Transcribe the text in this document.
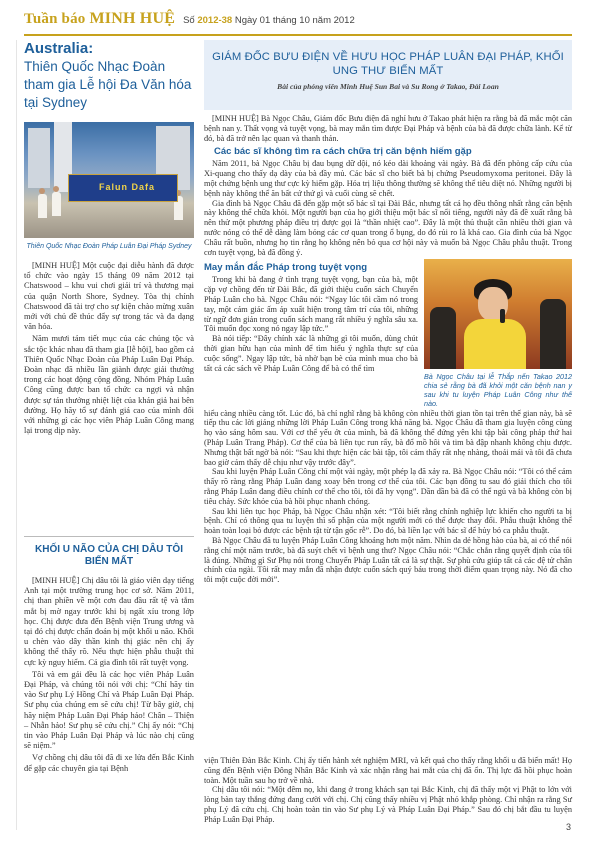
Tuần báo MINH HUỆ Số 2012-38 Ngày 01 tháng 10 năm 2012
Australia:
Thiên Quốc Nhạc Đoàn tham gia Lễ hội Đa Văn hóa tại Sydney
Falun Dafa
Thiên Quốc Nhạc Đoàn Pháp Luân Đại Pháp Sydney

[MINH HUỆ] Một cuộc đại diễu hành đã được tổ chức vào ngày 15 tháng 09 năm 2012 tại Chatswood – khu vui chơi giải trí và thương mại của quận North Shore, Sydney. Tòa thị chính Chatswood đã tài trợ cho sự kiện chào mừng xuân mới với chủ đề thúc đẩy sự trong tác và đa dạng văn hóa.

Năm mươi tám tiết mục của các chủng tộc và sắc tộc khác nhau đã tham gia [lễ hội], bao gồm cả Thiên Quốc Nhạc Đoàn của Pháp Luân Đại Pháp. Đoàn nhạc đã nhiều lần giành được giải thưởng trong các hoạt động cộng đồng. Nhóm Pháp Luân Công cũng được ban tổ chức ca ngợi và nhận được sự tán thưởng nhiệt liệt của khán giả hai bên đường. Họ hãy tổ sự đánh giá cao của mình đối với những gì các học viên Pháp Luân Công mang lại trong dịp này.

KHỐI U NÃO CỦA CHỊ DÂU TÔI BIẾN MẤT

[MINH HUỆ] Chị dâu tôi là giáo viên dạy tiếng Anh tại một trường trung học cơ sở. Năm 2011, chị than phiền về một cơn đau đầu rất tệ và tắm mắt bị mờ ngay trước khi bị ngất xỉu trong lớp học. Chị được đưa đến Bệnh viện Trung ương và tại đó chị được chẩn đoán bị một khối u não. Khối u chèn vào dây thần kinh thị giác nên chị ấy không thể thấy rõ. Nếu thực hiện phẫu thuật thì cực kỳ nguy hiểm. Cả gia đình tôi rất tuyệt vọng.

Tôi và em gái đều là các học viên Pháp Luân Đại Pháp, và chúng tôi nói với chị: “Chỉ hãy tin vào Sư phụ Lý Hồng Chí và Pháp Luân Đại Pháp. Sư phụ của chúng em sẽ cứu chị! Từ bây giờ, chị hãy niệm Pháp Luân Đại Pháp hảo! Chân – Thiện – Nhẫn hảo! Sư phụ sẽ cứu chị.” Chị ấy nói: “Chị tin vào Pháp Luân Đại Pháp và lúc nào chị cũng sẽ niệm.”

Vợ chồng chị dâu tôi đã đi xe lửa đến Bắc Kinh để gặp các chuyên gia tại Bệnh

GIÁM ĐỐC BƯU ĐIỆN VỀ HƯU HỌC PHÁP LUÂN ĐẠI PHÁP, KHỐI UNG THƯ BIẾN MẤT
Bài của phóng viên Minh Huệ Sun Bai và Su Rong ở Takao, Đài Loan

[MINH HUỆ] Bà Ngọc Châu, Giám đốc Bưu điện đã nghỉ hưu ở Takao phát hiện ra rằng bà đã mắc một căn bệnh nan y. Thất vọng và tuyệt vọng, bà may mắn tìm được Đại Pháp và bệnh của bà đã được chữa lành. Kể từ đó, bà đã trở nên lạc quan và thanh thản.

Các bác sĩ không tìm ra cách chữa trị căn bệnh hiếm gặp

Năm 2011, bà Ngọc Châu bị đau bụng dữ dội, nó kéo dài khoảng vài ngày. Bà đã đến phòng cấp cứu của Xi-quang cho thấy dạ dày của bà đầy mủ. Các bác sĩ cho biết bà bị chứng Pseudomyxoma peritonei. Đây là một chứng bệnh ung thư cực kỳ hiếm gặp. Hóa trị liệu thông thường sẽ không thể tiêu diệt nó. Những người bị bệnh này không thể ăn bất cứ thứ gì và cuối cùng sẽ chết.

Gia đình bà Ngọc Châu đã đến gặp một số bác sĩ tại Đài Bắc, nhưng tất cả họ đều thông nhất rằng căn bệnh này không thể chữa khỏi. Một người bạn của họ giới thiệu một bác sĩ nổi tiếng, người này đã đề xuất rằng bà nên thử một phương pháp điều trị được gọi là “thần nhiệt cao”. Đây là một thủ thuật cần nhiều thời gian và nước nóng có thể dễ dàng làm bỏng các cơ quan trong ổ bụng, do đó rủi ro là khá cao. Gia đình của bà Ngọc Châu rất buồn, nhưng họ tin rằng họ không nên bỏ qua cơ hội này và muốn bà Ngọc Châu phẫu thuật. Trong cơn tuyệt vọng, bà đã đồng ý.

May mắn đắc Pháp trong tuyệt vọng

Trong khi bà đang ở tình trạng tuyệt vọng, bạn của bà, một cặp vợ chồng đến từ Đài Bắc, đã giới thiệu cuốn sách Chuyển Pháp Luân cho bà. Ngọc Châu nói: “Ngay lúc tôi cầm nó trong tay, một cảm giác ấm áp xuất hiện trong tâm trí của tôi, những từ ngữ đơn giản trong cuốn sách mang rất nhiều ý nghĩa sâu xa. Tôi muốn đọc xong nó ngay lập tức.”

Bà nói tiếp: “Đây chính xác là những gì tôi muốn, dùng chút thời gian hữu hạn của mình để tìm hiểu ý nghĩa thực sự của cuộc sống”. Ngay lập tức, bà nhờ bạn bè của mình mua cho bà tất cả các sách về Pháp Luân Công để bà có thể tìm

Bà Ngọc Châu tại lễ Thắp nến Takao 2012 chia sẻ rằng bà đã khỏi một căn bệnh nan y sau khi tu luyện Pháp Luân Công như thế nào.

hiểu càng nhiều càng tốt. Lúc đó, bà chỉ nghĩ rằng bà không còn nhiều thời gian tồn tại trên thế gian này, bà sẽ tiếp thu các lời giảng những lời Pháp Luân Công trong khả năng bà. Ngọc Châu đã tham gia luyện công cùng họ vào sáng hôm sau. Với cơ thể yếu ớt của mình, bà đã không thể đứng yên khi tập bài công pháp thứ hai (Pháp Luân Trang Pháp). Cơ thể của bà liên tục run rẩy, bà đổ mồ hôi và tim bà đập nhanh không chịu được. Nhưng thật bất ngờ bà nói: “Sau khi thực hiện các bài tập, tôi cảm thấy rất nhẹ nhàng, thoải mái và tôi đã chưa bao giờ cảm thấy dễ chịu như vậy trước đây”.

Sau khi luyện Pháp Luân Công chỉ một vài ngày, một phép lạ đã xảy ra. Bà Ngọc Châu nói: “Tôi có thể cảm thấy rõ ràng rằng Pháp Luân đang xoay bên trong cơ thể của tôi. Các bạn đồng tu sau đó giải thích cho tôi rằng Pháp Luân đang điều chỉnh cơ thể cho tôi, tôi đã hy vọng”. Dần dần bà đã có thể ngủ và bà không còn bị tiêu chảy. Sức khỏe của bà hồi phục nhanh chóng.

Sau khi liên tục học Pháp, bà Ngọc Châu nhận xét: “Tôi biết rằng chính nghiệp lực khiến cho người ta bị bệnh. Chỉ có thông qua tu luyện thì số phận của một người mới có thể được thay đổi. Phẫu thuật không thể hoàn toàn loại bỏ được các bệnh tật từ tận gốc rễ”. Do đó, bà liền lạc với bác sĩ để hủy bỏ ca phẫu thuật.

Bà Ngọc Châu đã tu luyện Pháp Luân Công khoảng hơn một năm. Nhìn da dẻ hồng hào của bà, ai có thể nói rằng chỉ một năm trước, bà đã suýt chết vì bệnh ung thư? Ngọc Châu nói: “Chắc chắn rằng quyết định của tôi là đúng. Những gì Sư Phụ nói trong Chuyển Pháp Luân tất cả là sự thật. Sự phù cứu giúp tất cả các đệ tử chân chính của ngài. Tôi rất may mắn đã nhận được cuốn sách quý báu trong thời điểm quan trọng này. Nó đã cho tôi một cuộc đời mới”.

viện Thiên Đàn Bắc Kinh. Chị ấy tiến hành xét nghiệm MRI, và kết quả cho thấy rằng khối u đã biến mất! Họ cũng đến Bệnh viện Đông Nhân Bắc Kinh và xác nhận rằng hai mắt của chị đã ổn. Thị lực đã hồi phục hoàn toàn. Một tuần sau họ trở về nhà.

Chị dâu tôi nói: “Một đêm nọ, khi đang ở trong khách sạn tại Bắc Kinh, chị đã thấy một vị Phật to lớn với lòng bàn tay thắng đứng đang cười với chị. Chị cũng thấy nhiều vị Phật nhỏ khắp phòng. Chỉ nhận ra rằng Sư phụ Lý đã cứu chị. Chị hoàn toàn tin vào Sư phụ Lý và Pháp Luân Đại Pháp.” Sau đó chị bắt đầu tu luyện Pháp Luân Đại Pháp.

3
